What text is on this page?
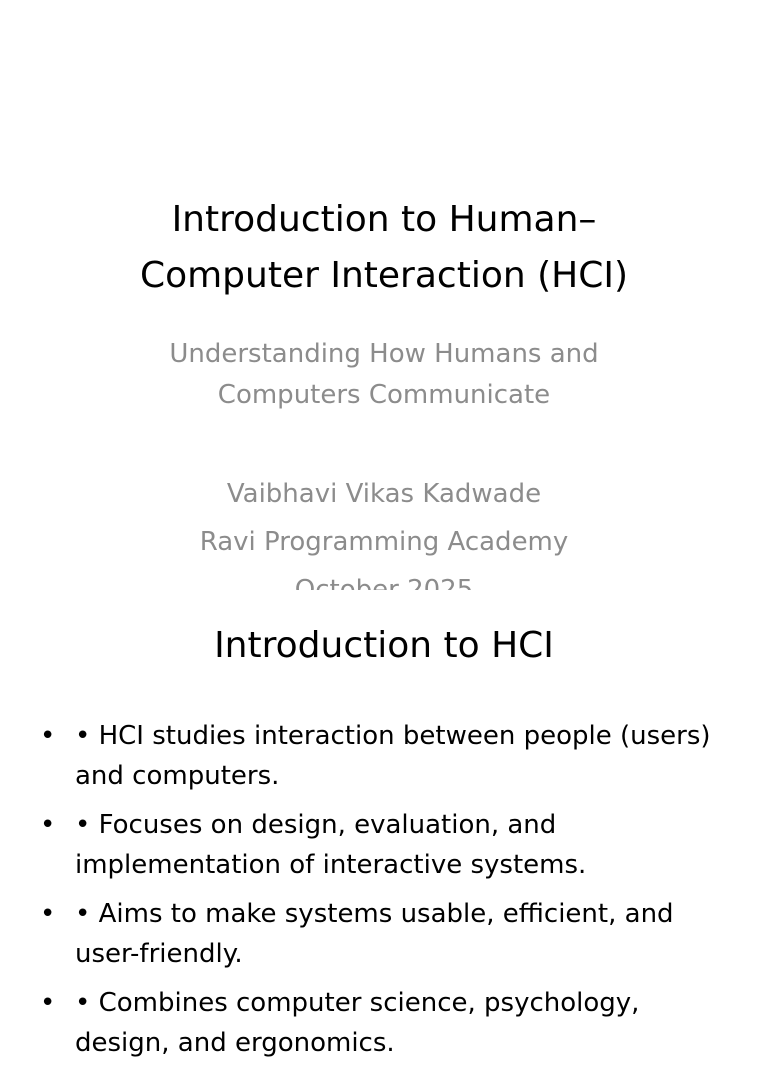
Introduction to Human–
Computer Interaction (HCI)
Understanding How Humans and
Computers Communicate
Vaibhavi Vikas Kadwade
Ravi Programming Academy
Introduction to HCI
• • HCI studies interaction between people (users) and computers.
• • Focuses on design, evaluation, and implementation of interactive systems.
• • Aims to make systems usable, efficient, and user-friendly.
• • Combines computer science, psychology, design, and ergonomics.
